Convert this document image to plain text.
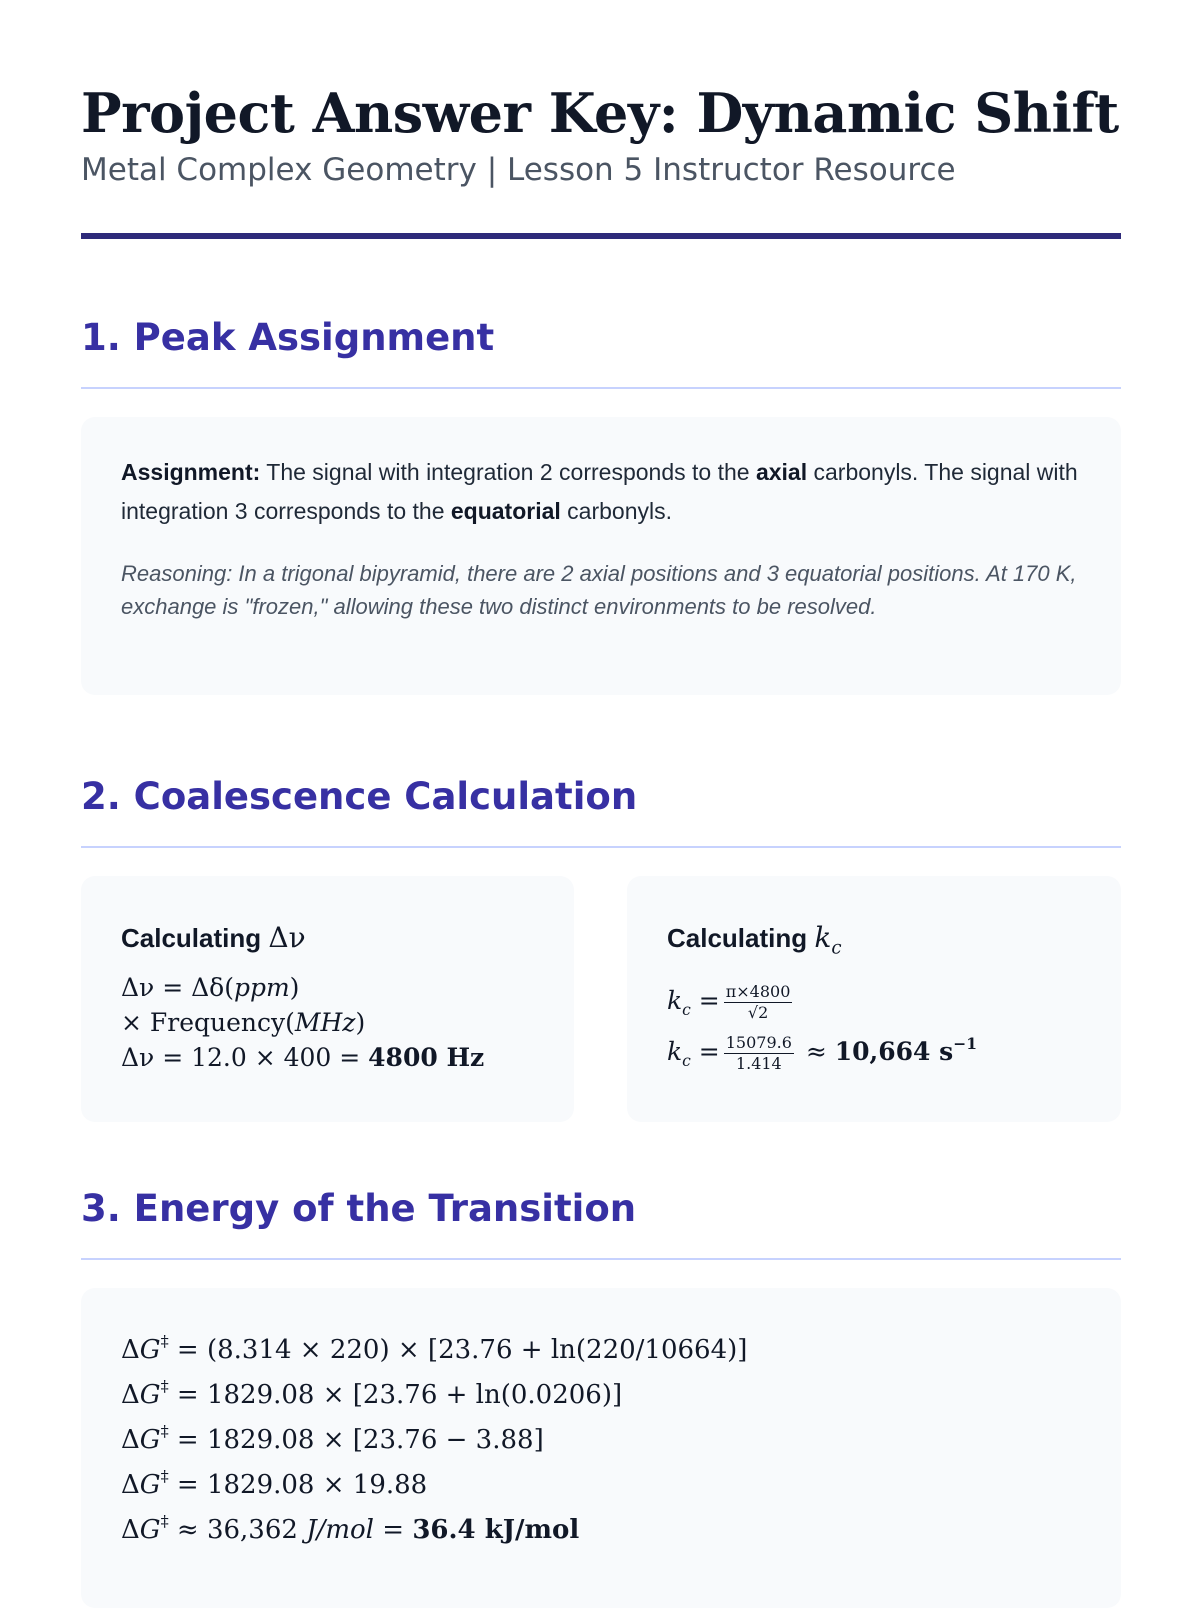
Project Answer Key: Dynamic Shift

Metal Complex Geometry | Lesson 5 Instructor Resource

1. Peak Assignment

Assignment: The signal with integration 2 corresponds to the axial carbonyls. The signal with integration 3 corresponds to the equatorial carbonyls.

Reasoning: In a trigonal bipyramid, there are 2 axial positions and 3 equatorial positions. At 170 K, exchange is "frozen," allowing these two distinct environments to be resolved.

2. Coalescence Calculation
Calculating Δν
Δν = Δδ(ppm)
× Frequency(MHz)
Δν = 12.0 × 400 = 4800 Hz
Calculating $k_c$
$k_c = \frac{\pi\times 4800}{√2}$
$k_c = \frac{15079.6}{1.414} \approx 10,664$ $s^{-1}$
3. Energy of the Transition
ΔG‡ = (8.314 × 220) × [23.76 + ln(220/10664)]
ΔG‡ = 1829.08 × [23.76 + ln(0.0206)]
ΔG‡ = 1829.08 × [23.76 − 3.88]
ΔG‡ = 1829.08 × 19.88
ΔG‡ ≈ 36,362 J/mol = 36.4 kJ/mol
